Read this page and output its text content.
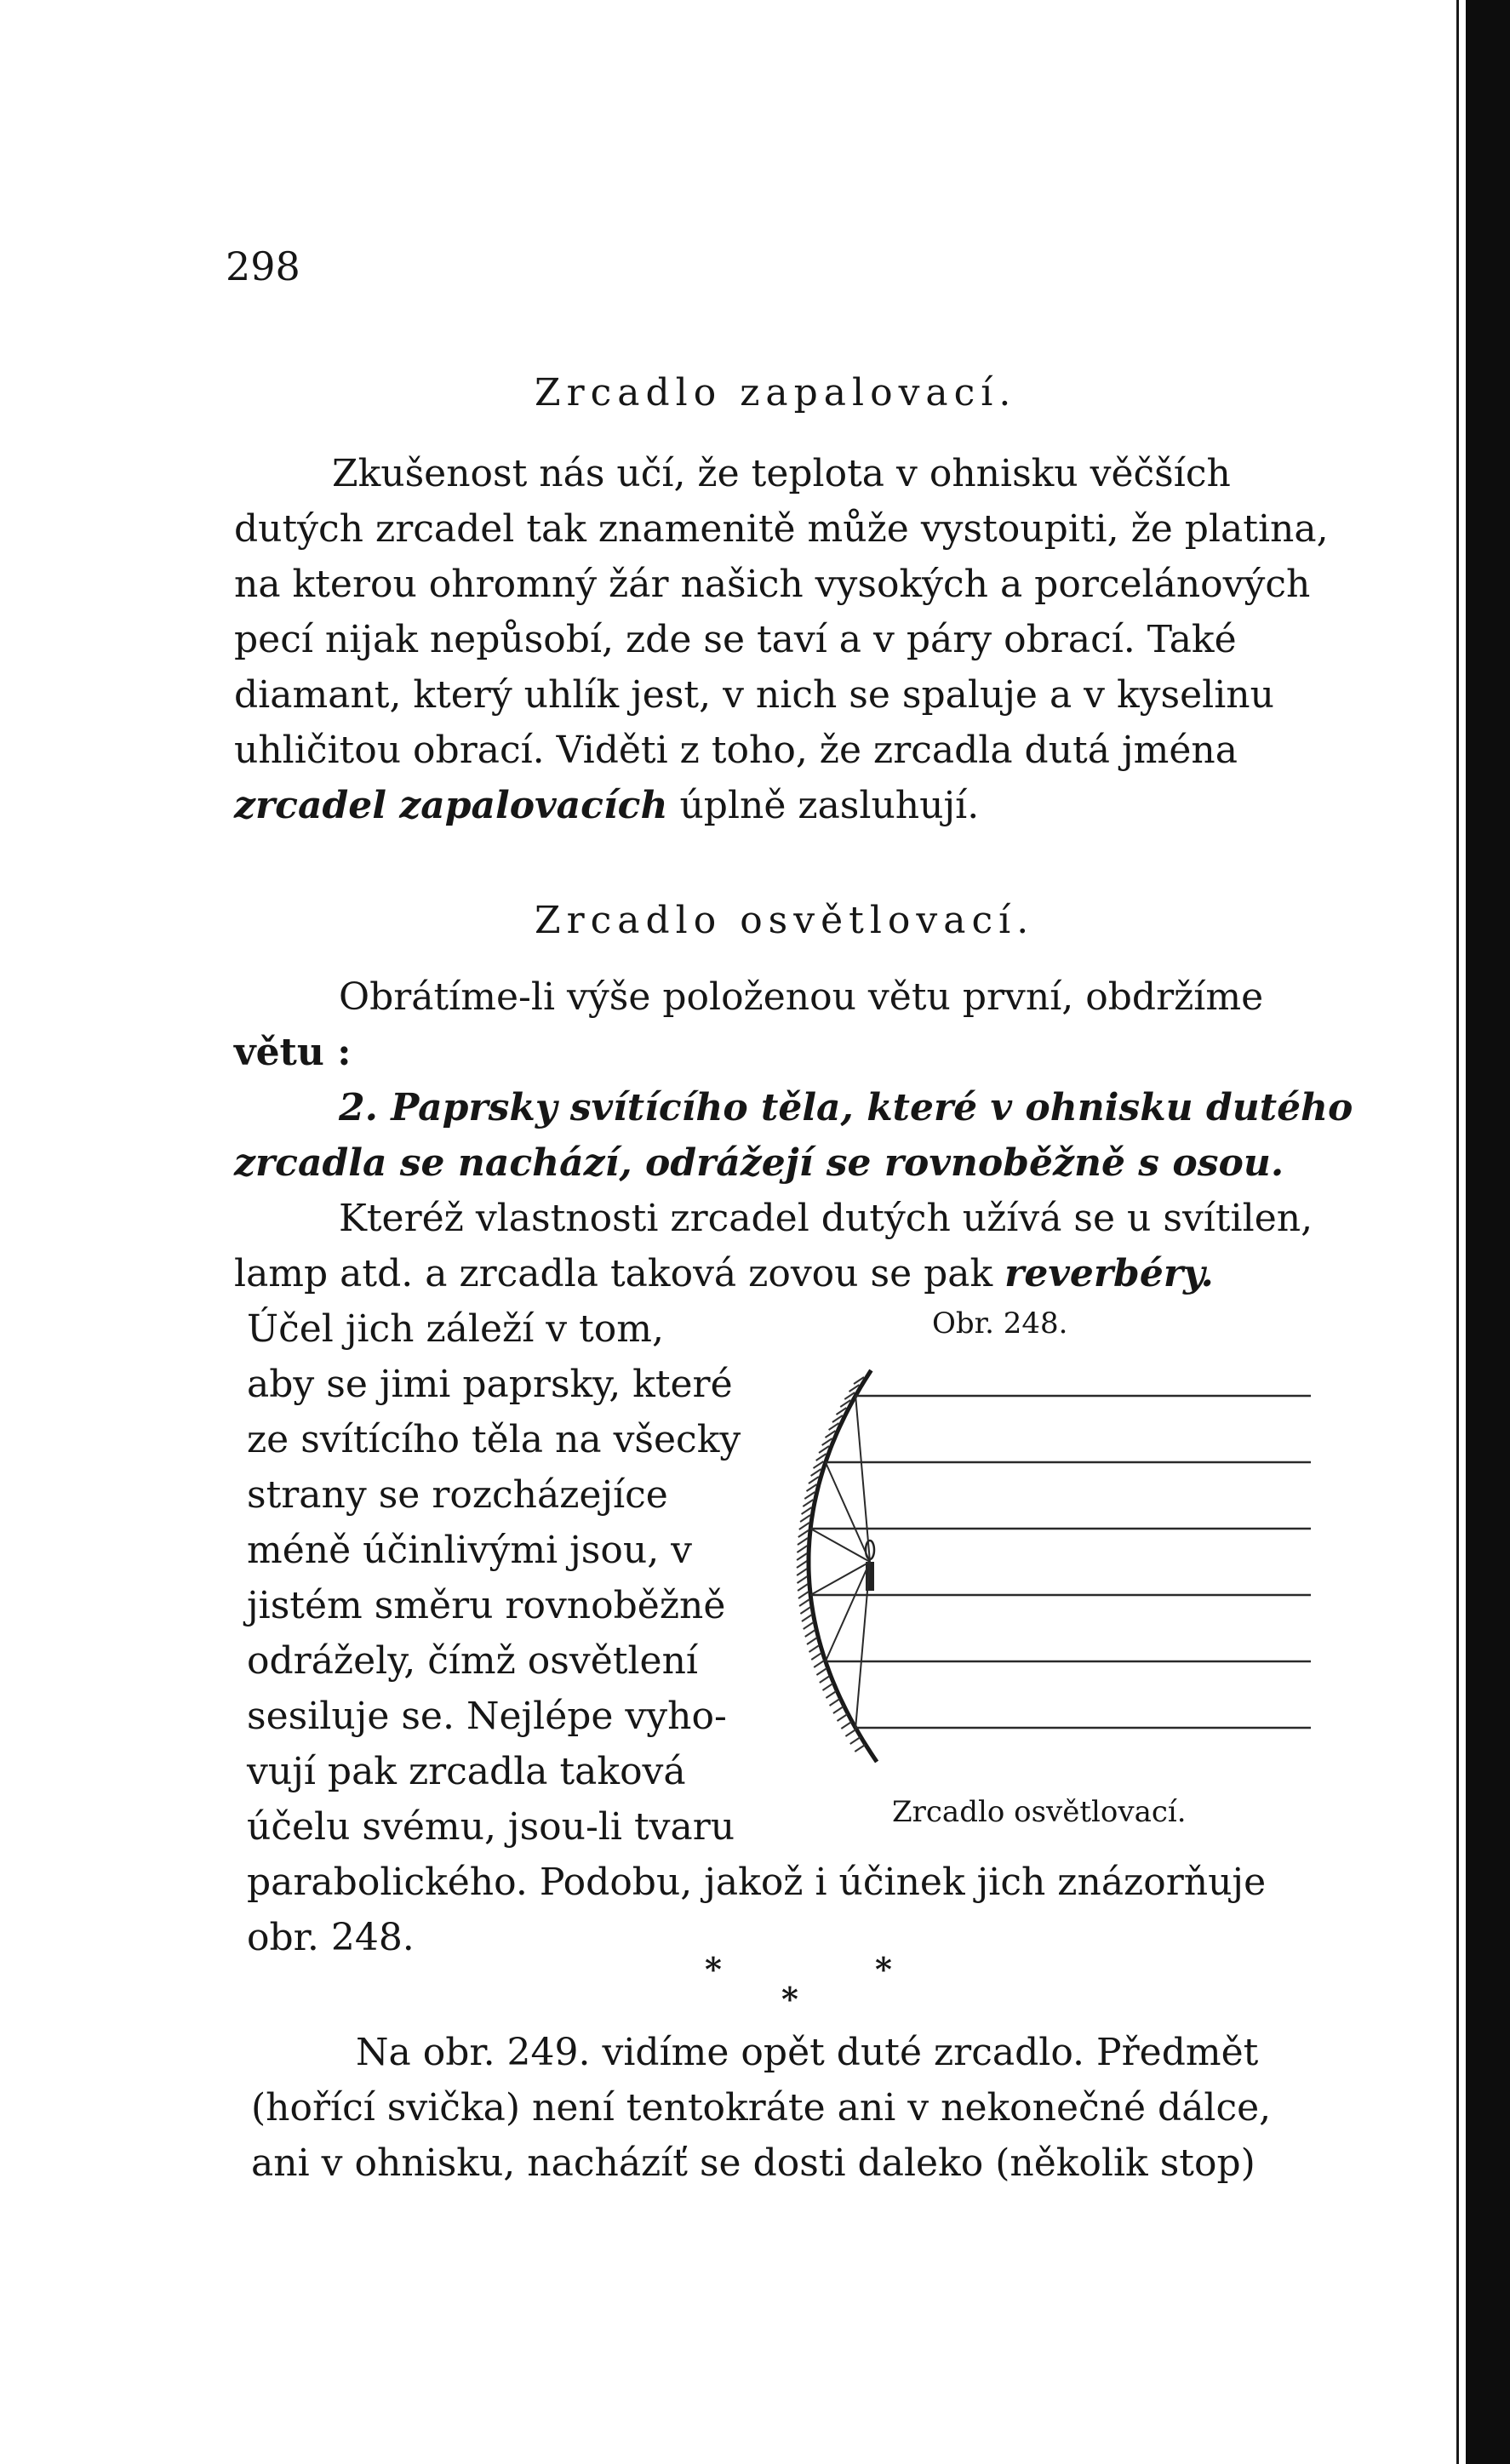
298
Zrcadlo zapalovací.
Zkušenost nás učí, že teplota v ohnisku věčších
dutých zrcadel tak znamenitě může vystoupiti, že platina,
na kterou ohromný žár našich vysokých a porcelánových
pecí nijak nepůsobí, zde se taví a v páry obrací. Také
diamant, který uhlík jest, v nich se spaluje a v kyselinu
uhličitou obrací. Viděti z toho, že zrcadla dutá jména
zrcadel zapalovacích úplně zasluhují.
Zrcadlo osvětlovací.
Obrátíme-li výše položenou větu první, obdržíme
větu :
2. Paprsky svítícího těla, které v ohnisku dutého
zrcadla se nachází, odrážejí se rovnoběžně s osou.
Kteréž vlastnosti zrcadel dutých užívá se u svítilen,
lamp atd. a zrcadla taková zovou se pak reverbéry.
Účel jich záleží v tom,
aby se jimi paprsky, které
ze svítícího těla na všecky
strany se rozcházejíce
méně účinlivými jsou, v
jistém směru rovnoběžně
odrážely, čímž osvětlení
sesiluje se. Nejlépe vyho-
vují pak zrcadla taková
účelu svému, jsou-li tvaru
Obr. 248.
Zrcadlo osvětlovací.
parabolického. Podobu, jakož i účinek jich znázorňuje
obr. 248.
*	*
*
Na obr. 249. vidíme opět duté zrcadlo. Předmět
(hořící svička) není tentokráte ani v nekonečné dálce,
ani v ohnisku, nacházíť se dosti daleko (několik stop)
